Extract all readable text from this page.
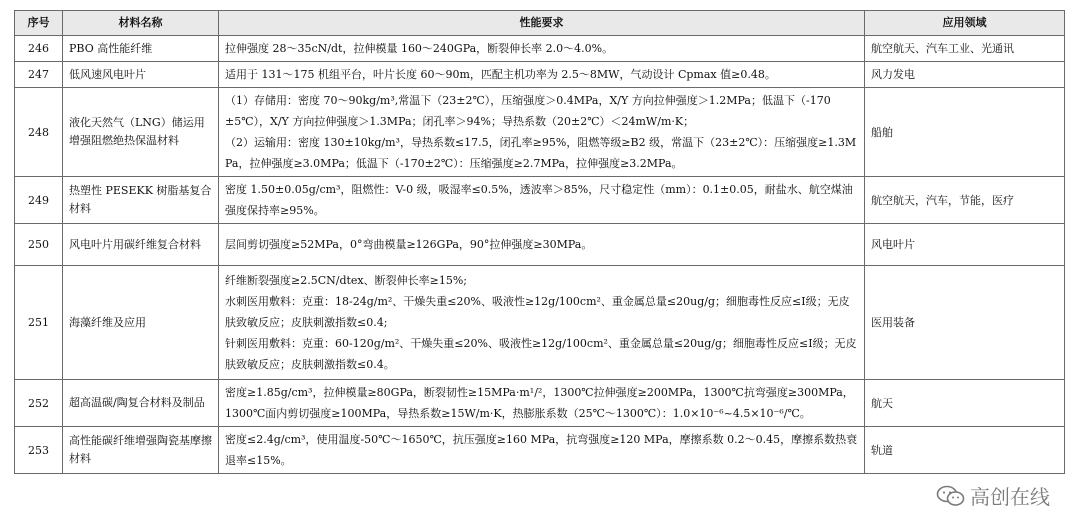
序号	材料名称	性能要求	应用领域
246	PBO 高性能纤维	拉伸强度 28～35cN/dt，拉伸模量 160～240GPa，断裂伸长率 2.0～4.0%。	航空航天、汽车工业、光通讯
247	低风速风电叶片	适用于 131～175 机组平台，叶片长度 60～90m，匹配主机功率为 2.5～8MW，气动设计 Cpmax 值≥0.48。	风力发电
248	液化天然气（LNG）储运用增强阻燃绝热保温材料	（1）存储用：密度 70～90kg/m³,常温下（23±2℃），压缩强度＞0.4MPa，X/Y 方向拉伸强度＞1.2MPa；低温下（-170±5℃），X/Y 方向拉伸强度＞1.3MPa；闭孔率＞94%；导热系数（20±2℃）＜24mW/m·K；
（2）运输用：密度 130±10kg/m³，导热系数≤17.5，闭孔率≥95%，阻燃等级≥B2 级，常温下（23±2℃）：压缩强度≥1.3MPa，拉伸强度≥3.0MPa；低温下（-170±2℃）：压缩强度≥2.7MPa，拉伸强度≥3.2MPa。	船舶
249	热塑性 PESEKK 树脂基复合材料	密度 1.50±0.05g/cm³，阻燃性：V-0 级，吸湿率≤0.5%，透波率＞85%，尺寸稳定性（mm）：0.1±0.05，耐盐水、航空煤油强度保持率≥95%。	航空航天，汽车，节能，医疗
250	风电叶片用碳纤维复合材料	层间剪切强度≥52MPa，0°弯曲模量≥126GPa，90°拉伸强度≥30MPa。	风电叶片
251	海藻纤维及应用	纤维断裂强度≥2.5CN/dtex、断裂伸长率≥15%;
水刺医用敷料：克重：18-24g/m²、干燥失重≤20%、吸液性≥12g/100cm²、重金属总量≤20ug/g；细胞毒性反应≤Ⅰ级；无皮肤致敏反应；皮肤刺激指数≤0.4;
针刺医用敷料：克重：60-120g/m²、干燥失重≤20%、吸液性≥12g/100cm²、重金属总量≤20ug/g；细胞毒性反应≤Ⅰ级；无皮肤致敏反应；皮肤刺激指数≤0.4。	医用装备
252	超高温碳/陶复合材料及制品	密度≥1.85g/cm³，拉伸模量≥80GPa，断裂韧性≥15MPa·m¹/²，1300℃拉伸强度≥200MPa，1300℃抗弯强度≥300MPa，1300℃面内剪切强度≥100MPa，导热系数≥15W/m·K，热膨胀系数（25℃～1300℃）：1.0×10⁻⁶~4.5×10⁻⁶/℃。	航天
253	高性能碳纤维增强陶瓷基摩擦材料	密度≤2.4g/cm³，使用温度-50℃～1650℃，抗压强度≥160 MPa，抗弯强度≥120 MPa，摩擦系数 0.2～0.45，摩擦系数热衰退率≤15%。	轨道
高创在线
